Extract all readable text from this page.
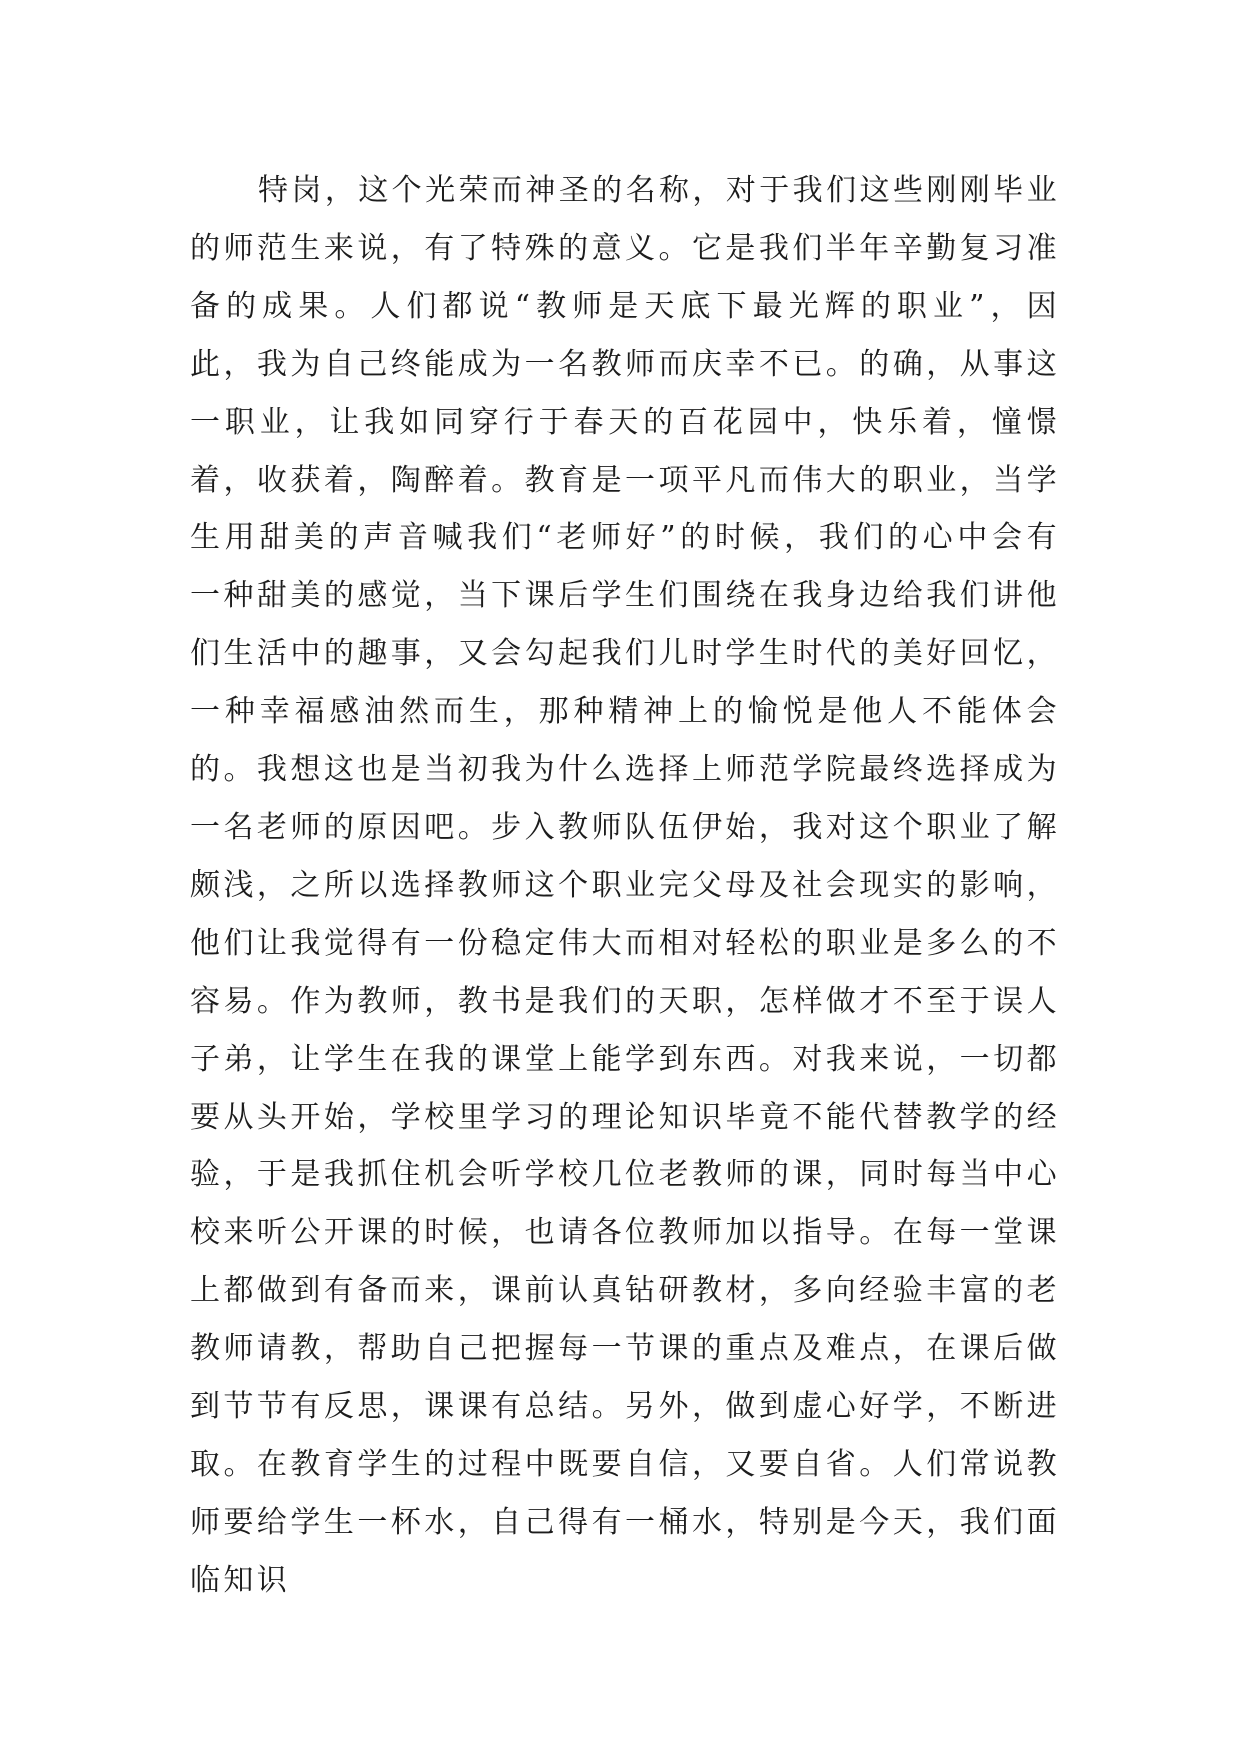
特岗，这个光荣而神圣的名称，对于我们这些刚刚毕业的师范生来说，有了特殊的意义。它是我们半年辛勤复习准备的成果。人们都说“教师是天底下最光辉的职业”，因此，我为自己终能成为一名教师而庆幸不已。的确，从事这一职业，让我如同穿行于春天的百花园中，快乐着，憧憬着，收获着，陶醉着。教育是一项平凡而伟大的职业，当学生用甜美的声音喊我们“老师好”的时候，我们的心中会有一种甜美的感觉，当下课后学生们围绕在我身边给我们讲他们生活中的趣事，又会勾起我们儿时学生时代的美好回忆，一种幸福感油然而生，那种精神上的愉悦是他人不能体会的。我想这也是当初我为什么选择上师范学院最终选择成为一名老师的原因吧。步入教师队伍伊始，我对这个职业了解颇浅，之所以选择教师这个职业完父母及社会现实的影响，他们让我觉得有一份稳定伟大而相对轻松的职业是多么的不容易。作为教师，教书是我们的天职，怎样做才不至于误人子弟，让学生在我的课堂上能学到东西。对我来说，一切都要从头开始，学校里学习的理论知识毕竟不能代替教学的经验，于是我抓住机会听学校几位老教师的课，同时每当中心校来听公开课的时候，也请各位教师加以指导。在每一堂课上都做到有备而来，课前认真钻研教材，多向经验丰富的老教师请教，帮助自己把握每一节课的重点及难点，在课后做到节节有反思，课课有总结。另外，做到虚心好学，不断进取。在教育学生的过程中既要自信，又要自省。人们常说教师要给学生一杯水，自己得有一桶水，特别是今天，我们面临知识
